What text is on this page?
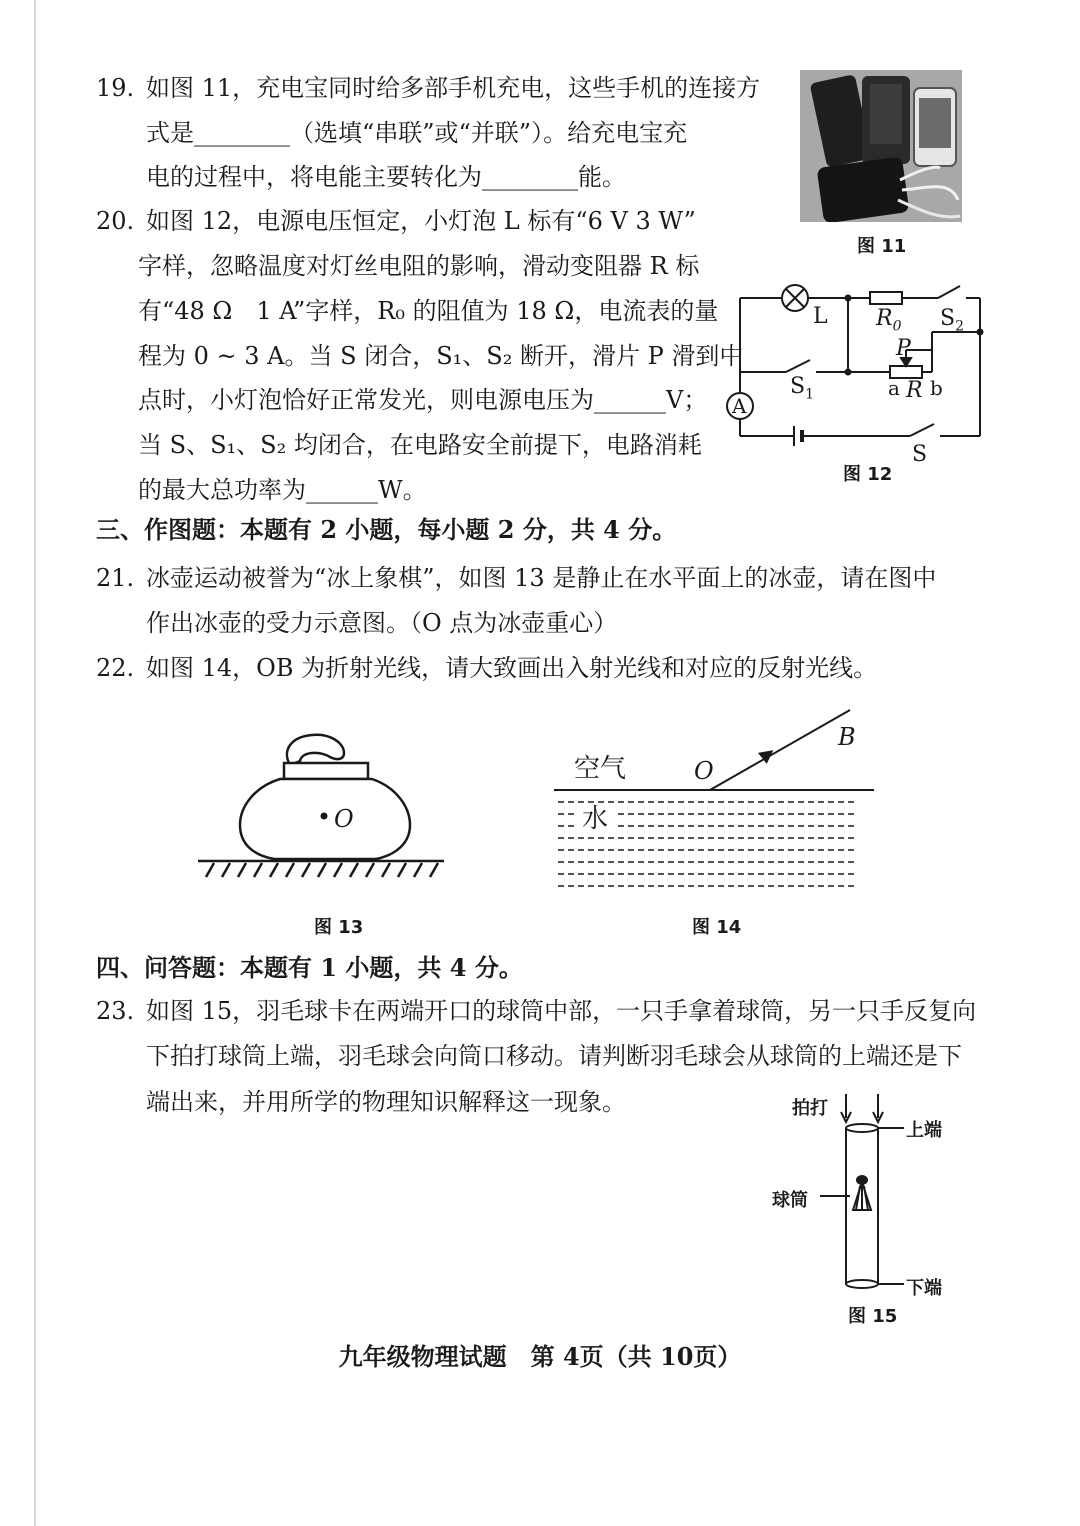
19. 如图 11，充电宝同时给多部手机充电，这些手机的连接方
式是________（选填“串联”或“并联”）。给充电宝充
电的过程中，将电能主要转化为________能。
图 11
20. 如图 12，电源电压恒定，小灯泡 L 标有“6 V 3 W”
字样，忽略温度对灯丝电阻的影响，滑动变阻器 R 标
有“48 Ω　1 A”字样，R₀ 的阻值为 18 Ω，电流表的量
程为 0 ~ 3 A。当 S 闭合，S₁、S₂ 断开，滑片 P 滑到中
点时，小灯泡恰好正常发光，则电源电压为______V；
当 S、S₁、S₂ 均闭合，在电路安全前提下，电路消耗
的最大总功率为______W。
L $R_0$ $S_2$
P
$S_1$	a R b
A
S
图 12
三、作图题：本题有 2 小题，每小题 2 分，共 4 分。
21. 冰壶运动被誉为“冰上象棋”，如图 13 是静止在水平面上的冰壶，请在图中
作出冰壶的受力示意图。（O 点为冰壶重心）
22. 如图 14，OB 为折射光线，请大致画出入射光线和对应的反射光线。
O
图 13
空气
水
O
B
图 14
四、问答题：本题有 1 小题，共 4 分。
23. 如图 15，羽毛球卡在两端开口的球筒中部，一只手拿着球筒，另一只手反复向
下拍打球筒上端，羽毛球会向筒口移动。请判断羽毛球会从球筒的上端还是下
端出来，并用所学的物理知识解释这一现象。	拍打
上端
球筒
下端
图 15
九年级物理试题　第 4页（共 10页）
